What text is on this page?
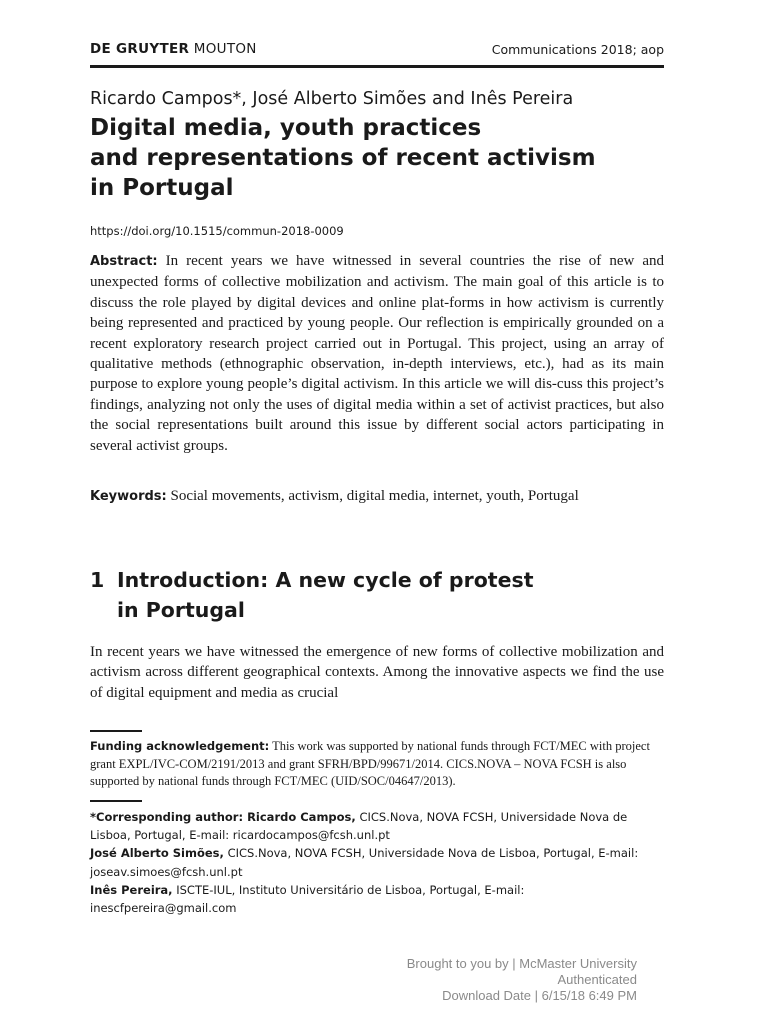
DE GRUYTER MOUTON	Communications 2018; aop
Ricardo Campos*, José Alberto Simões and Inês Pereira
Digital media, youth practices
and representations of recent activism
in Portugal
https://doi.org/10.1515/commun-2018-0009
Abstract: In recent years we have witnessed in several countries the rise of new and unexpected forms of collective mobilization and activism. The main goal of this article is to discuss the role played by digital devices and online plat-forms in how activism is currently being represented and practiced by young people. Our reflection is empirically grounded on a recent exploratory research project carried out in Portugal. This project, using an array of qualitative methods (ethnographic observation, in-depth interviews, etc.), had as its main purpose to explore young people’s digital activism. In this article we will dis-cuss this project’s findings, analyzing not only the uses of digital media within a set of activist practices, but also the social representations built around this issue by different social actors participating in several activist groups.
Keywords: Social movements, activism, digital media, internet, youth, Portugal
1 Introduction: A new cycle of protest
in Portugal
In recent years we have witnessed the emergence of new forms of collective mobilization and activism across different geographical contexts. Among the innovative aspects we find the use of digital equipment and media as crucial
Funding acknowledgement: This work was supported by national funds through FCT/MEC with project grant EXPL/IVC-COM/2191/2013 and grant SFRH/BPD/99671/2014. CICS.NOVA – NOVA FCSH is also supported by national funds through FCT/MEC (UID/SOC/04647/2013).
*Corresponding author: Ricardo Campos, CICS.Nova, NOVA FCSH, Universidade Nova de Lisboa, Portugal, E-mail: ricardocampos@fcsh.unl.pt
José Alberto Simões, CICS.Nova, NOVA FCSH, Universidade Nova de Lisboa, Portugal, E-mail: joseav.simoes@fcsh.unl.pt
Inês Pereira, ISCTE-IUL, Instituto Universitário de Lisboa, Portugal, E-mail: inescfpereira@gmail.com
Brought to you by | McMaster University
Authenticated
Download Date | 6/15/18 6:49 PM
